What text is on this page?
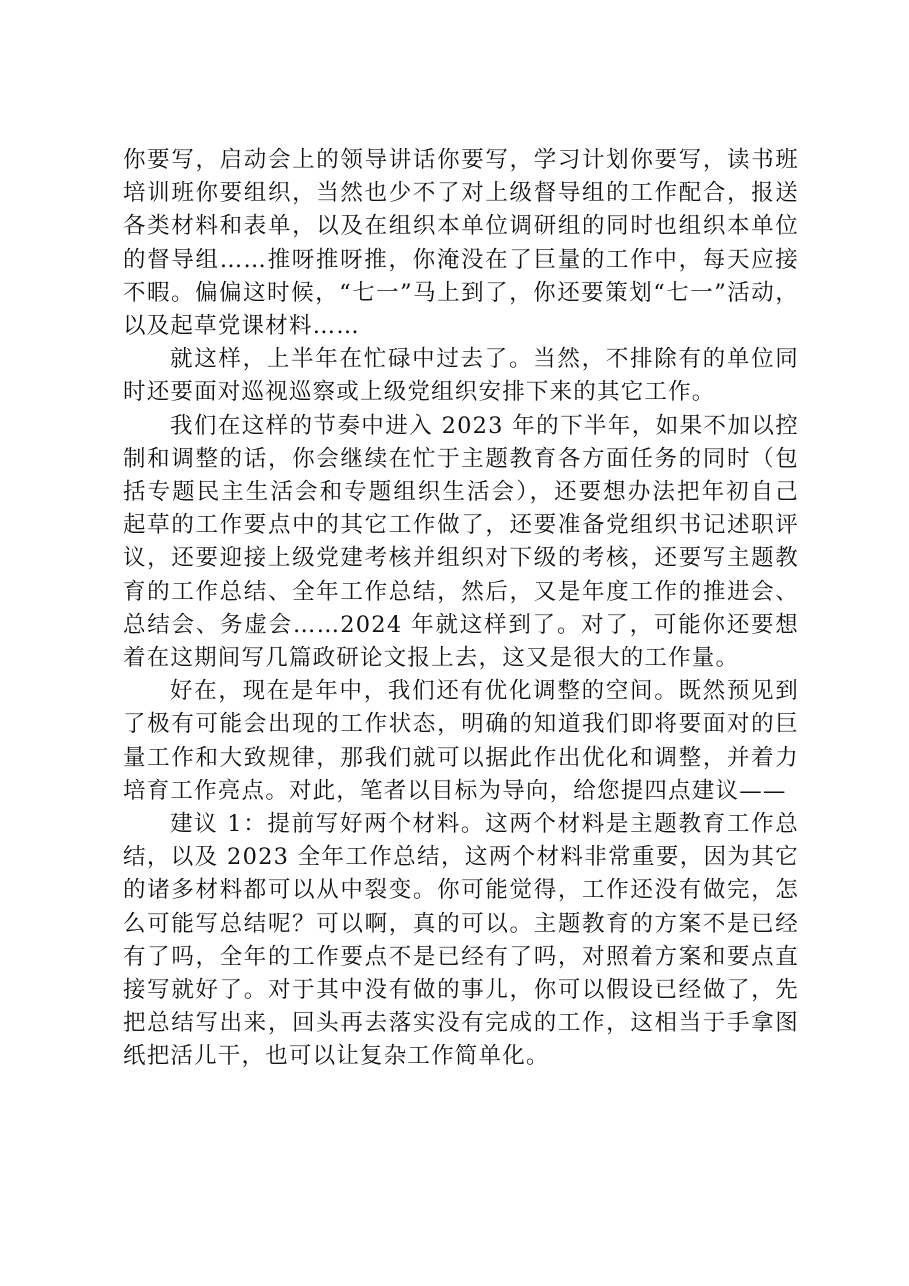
你要写，启动会上的领导讲话你要写，学习计划你要写，读书班培训班你要组织，当然也少不了对上级督导组的工作配合，报送各类材料和表单，以及在组织本单位调研组的同时也组织本单位的督导组……推呀推呀推，你淹没在了巨量的工作中，每天应接不暇。偏偏这时候，“七一”马上到了，你还要策划“七一”活动，以及起草党课材料……

就这样，上半年在忙碌中过去了。当然，不排除有的单位同时还要面对巡视巡察或上级党组织安排下来的其它工作。

我们在这样的节奏中进入 2023 年的下半年，如果不加以控制和调整的话，你会继续在忙于主题教育各方面任务的同时（包括专题民主生活会和专题组织生活会），还要想办法把年初自己起草的工作要点中的其它工作做了，还要准备党组织书记述职评议，还要迎接上级党建考核并组织对下级的考核，还要写主题教育的工作总结、全年工作总结，然后，又是年度工作的推进会、总结会、务虚会……2024 年就这样到了。对了，可能你还要想着在这期间写几篇政研论文报上去，这又是很大的工作量。

好在，现在是年中，我们还有优化调整的空间。既然预见到了极有可能会出现的工作状态，明确的知道我们即将要面对的巨量工作和大致规律，那我们就可以据此作出优化和调整，并着力培育工作亮点。对此，笔者以目标为导向，给您提四点建议——

建议 1：提前写好两个材料。这两个材料是主题教育工作总结，以及 2023 全年工作总结，这两个材料非常重要，因为其它的诸多材料都可以从中裂变。你可能觉得，工作还没有做完，怎么可能写总结呢？可以啊，真的可以。主题教育的方案不是已经有了吗，全年的工作要点不是已经有了吗，对照着方案和要点直接写就好了。对于其中没有做的事儿，你可以假设已经做了，先把总结写出来，回头再去落实没有完成的工作，这相当于手拿图纸把活儿干，也可以让复杂工作简单化。
